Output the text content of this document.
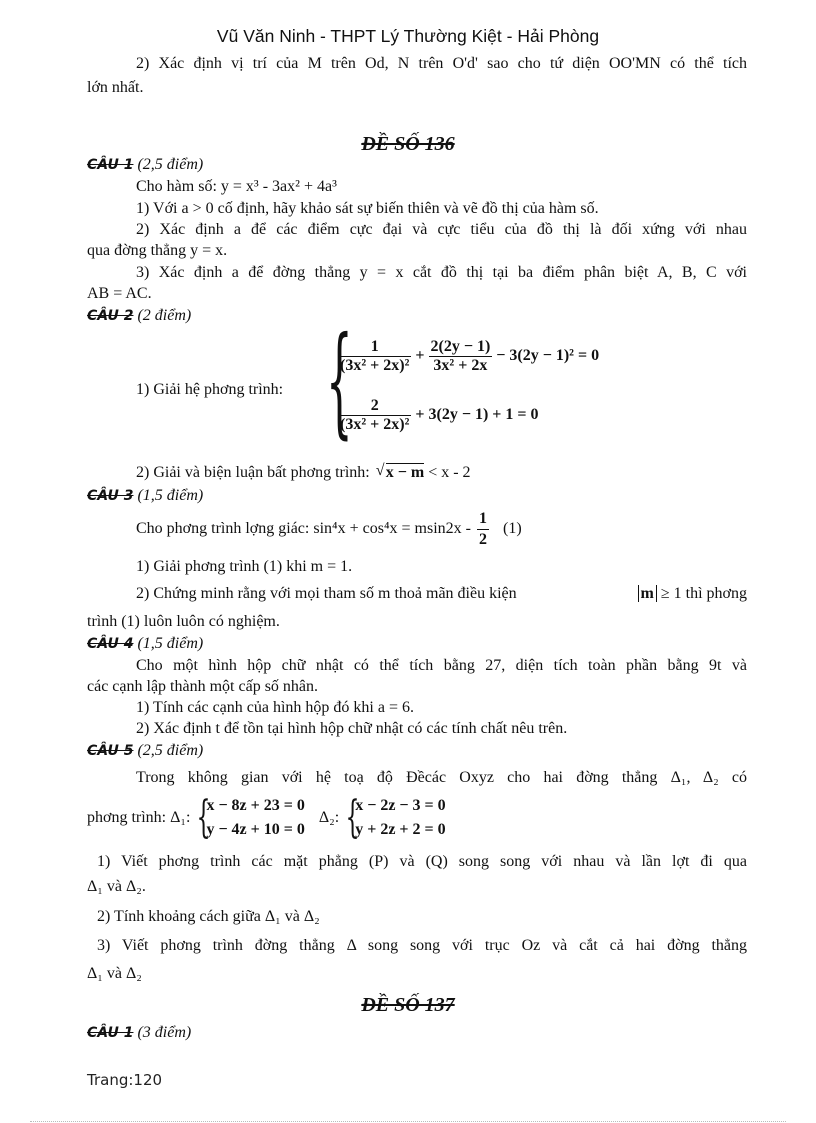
Vũ Văn Ninh - THPT Lý Thường Kiệt - Hải Phòng
2) Xác định vị trí của M trên Od, N trên O'd' sao cho tứ diện OO'MN có thể tích
lớn nhất.
ĐỀ SỐ 136
CÂU 1 (2,5 điểm)
Cho hàm số: y = x³ - 3ax² + 4a³
1) Với a > 0 cố định, hãy khảo sát sự biến thiên và vẽ đồ thị của hàm số.
2) Xác định a để các điểm cực đại và cực tiểu của đồ thị là đối xứng với nhau
qua đờng thẳng y = x.
3) Xác định a để đờng thẳng y = x cắt đồ thị tại ba điểm phân biệt A, B, C với
AB = AC.
CÂU 2 (2 điểm)
1) Giải hệ phơng trình: {
$\frac{1}{\text{(3x² + 2x)²}} + \frac{2(2y - 1)}{\text{3x² + 2x}} - 3(2y - 1)^2 = 0$
$\frac{2}{\text{(3x² + 2x)²}} + 3(2y - 1) + 1 = 0$
2) Giải và biện luận bất phơng trình: √ x − m < x - 2
CÂU 3 (1,5 điểm)
Cho phơng trình lợng giác: $\sin^4x + \cos^4x = msin2x - \frac{1}{2} (1)$
1) Giải phơng trình (1) khi m = 1.
2) Chứng minh rằng với mọi tham số m thoả mãn điều kiện	m ≥ 1 thì phơng
trình (1) luôn luôn có nghiệm.
CÂU 4 (1,5 điểm)
Cho một hình hộp chữ nhật có thể tích bằng 27, diện tích toàn phần bằng 9t và
các cạnh lập thành một cấp số nhân.
1) Tính các cạnh của hình hộp đó khi a = 6.
2) Xác định t để tồn tại hình hộp chữ nhật có các tính chất nêu trên.
CÂU 5 (2,5 điểm)
Trong không gian với hệ toạ độ Đềcác Oxyz cho hai đờng thẳng Δ₁, Δ₂ có
phơng trình: Δ₁: {
x − 8z + 23 = 0
y − 4z + 10 = 0
Δ₂: {
x − 2z − 3 = 0
y + 2z + 2 = 0
1) Viết phơng trình các mặt phẳng (P) và (Q) song song với nhau và lần lợt đi qua
Δ₁ và Δ₂.
2) Tính khoảng cách giữa Δ₁ và Δ₂
3) Viết phơng trình đờng thẳng Δ song song với trục Oz và cắt cả hai đờng thẳng
Δ₁ và Δ₂
ĐỀ SỐ 137
CÂU 1 (3 điểm)
Trang:120
